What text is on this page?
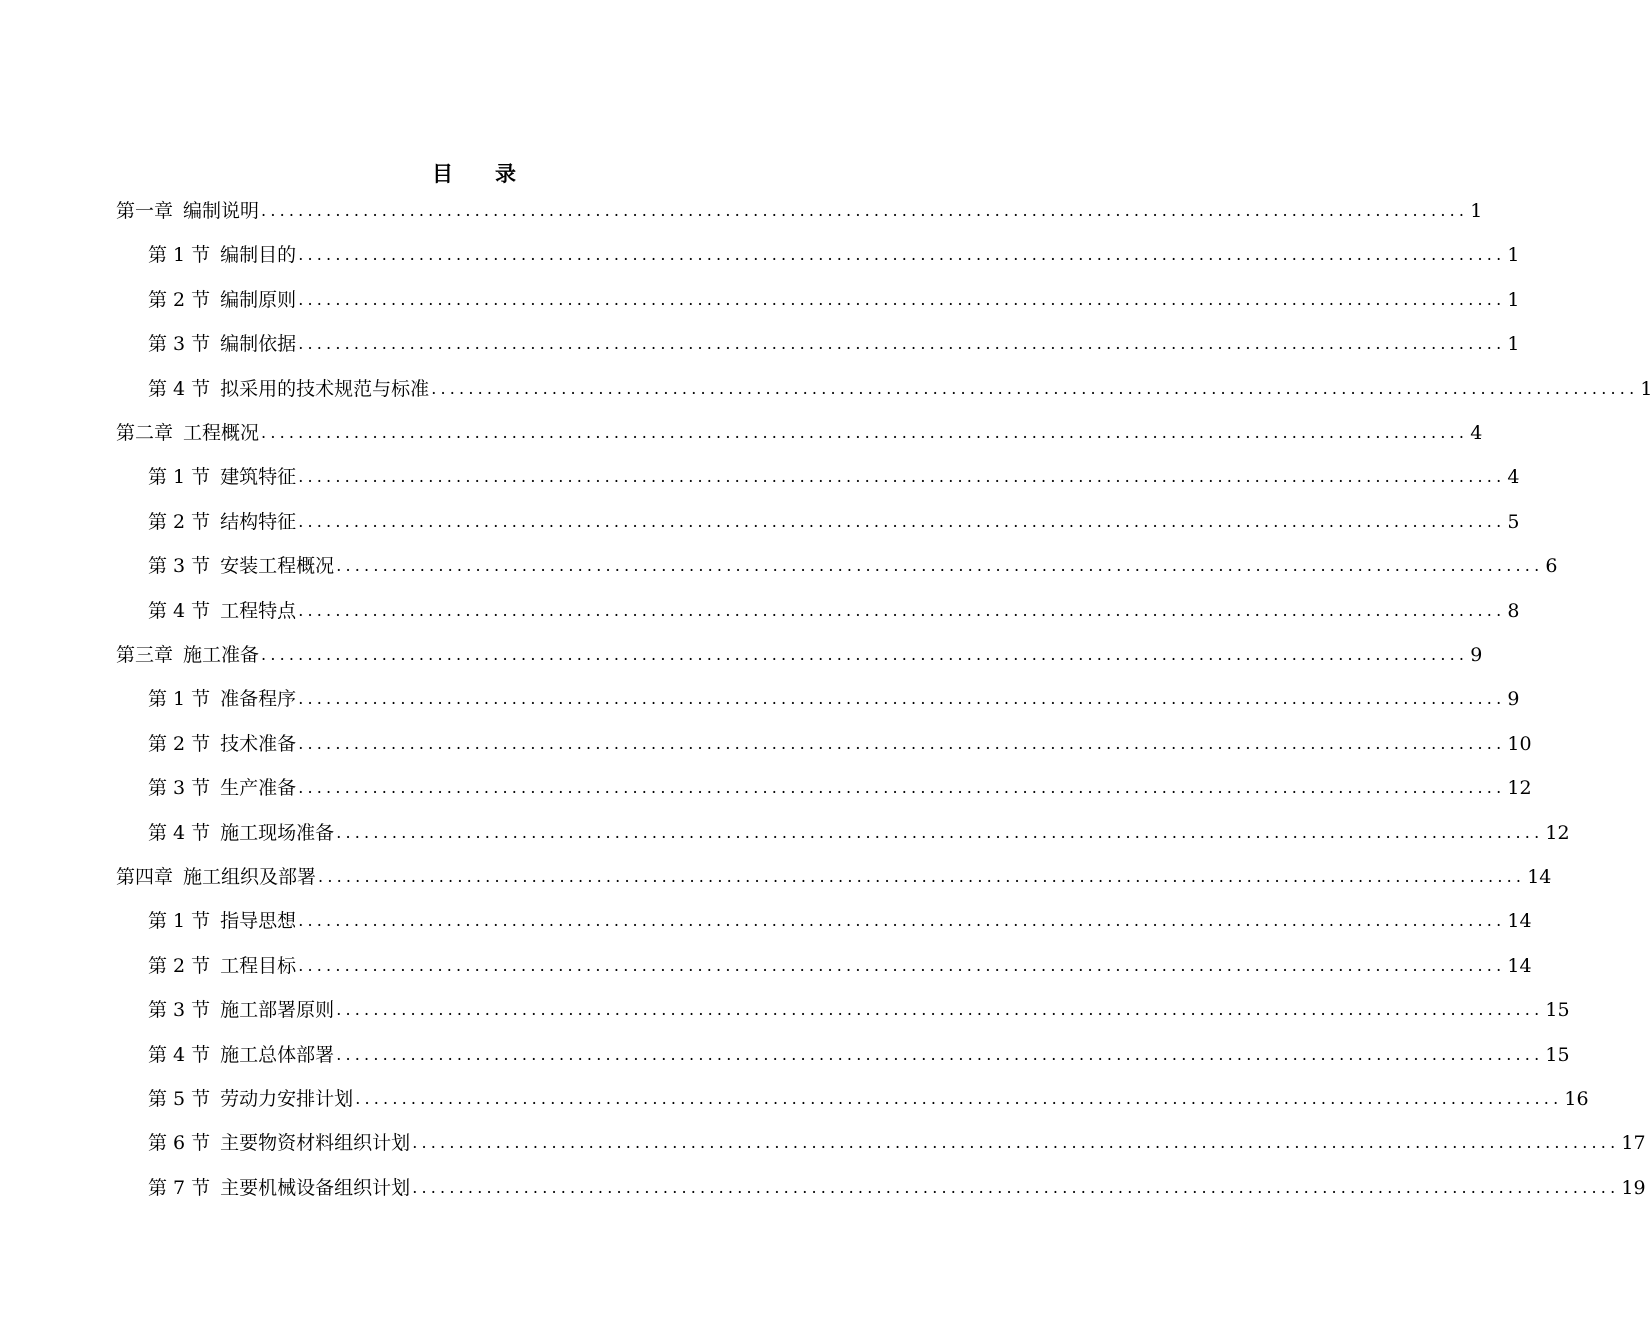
目 录
第一章 编制说明 .................................................................................................................................. 1
第 1 节 编制目的 .................................................................................................................................. 1
第 2 节 编制原则 .................................................................................................................................. 1
第 3 节 编制依据 .................................................................................................................................. 1
第 4 节 拟采用的技术规范与标准 .................................................................................................................................. 1
第二章 工程概况 .................................................................................................................................. 4
第 1 节 建筑特征 .................................................................................................................................. 4
第 2 节 结构特征 .................................................................................................................................. 5
第 3 节 安装工程概况 .................................................................................................................................. 6
第 4 节 工程特点 .................................................................................................................................. 8
第三章 施工准备 .................................................................................................................................. 9
第 1 节 准备程序 .................................................................................................................................. 9
第 2 节 技术准备 .................................................................................................................................. 10
第 3 节 生产准备 .................................................................................................................................. 12
第 4 节 施工现场准备 .................................................................................................................................. 12
第四章 施工组织及部署 .................................................................................................................................. 14
第 1 节 指导思想 .................................................................................................................................. 14
第 2 节 工程目标 .................................................................................................................................. 14
第 3 节 施工部署原则 .................................................................................................................................. 15
第 4 节 施工总体部署 .................................................................................................................................. 15
第 5 节 劳动力安排计划 .................................................................................................................................. 16
第 6 节 主要物资材料组织计划 .................................................................................................................................. 17
第 7 节 主要机械设备组织计划 .................................................................................................................................. 19
